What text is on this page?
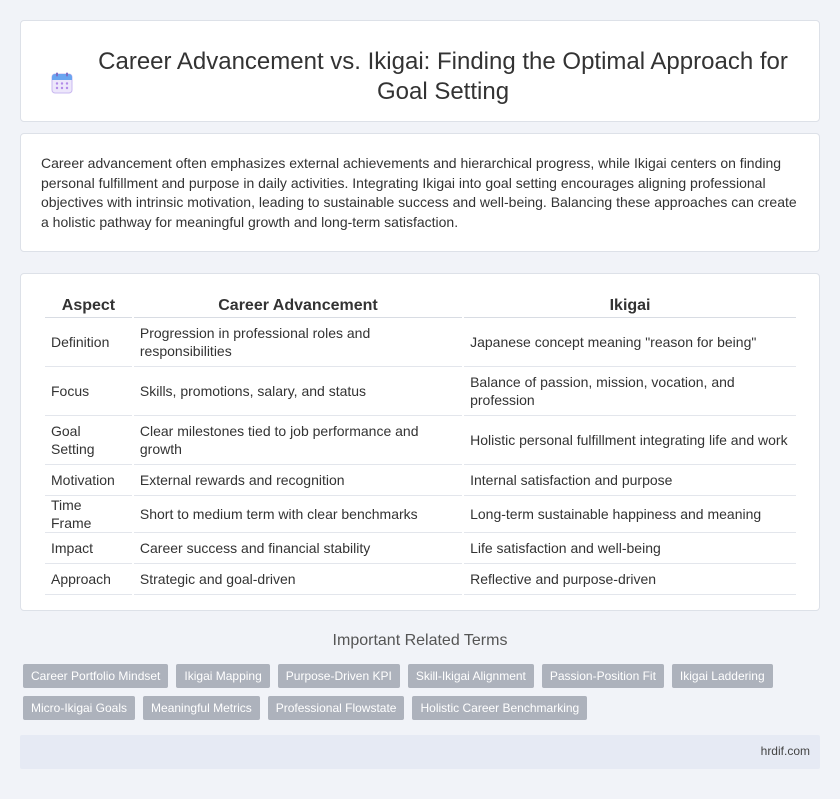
Career Advancement vs. Ikigai: Finding the Optimal Approach for Goal Setting

Career advancement often emphasizes external achievements and hierarchical progress, while Ikigai centers on finding personal fulfillment and purpose in daily activities. Integrating Ikigai into goal setting encourages aligning professional objectives with intrinsic motivation, leading to sustainable success and well-being. Balancing these approaches can create a holistic pathway for meaningful growth and long-term satisfaction.

Aspect	Career Advancement	Ikigai
Definition	Progression in professional roles and responsibilities	Japanese concept meaning "reason for being"
Focus	Skills, promotions, salary, and status	Balance of passion, mission, vocation, and profession
Goal Setting	Clear milestones tied to job performance and growth	Holistic personal fulfillment integrating life and work
Motivation	External rewards and recognition	Internal satisfaction and purpose
Time Frame	Short to medium term with clear benchmarks	Long-term sustainable happiness and meaning
Impact	Career success and financial stability	Life satisfaction and well-being
Approach	Strategic and goal-driven	Reflective and purpose-driven
Important Related Terms
Career Portfolio Mindset	Ikigai Mapping	Purpose-Driven KPI	Skill-Ikigai Alignment	Passion-Position Fit	Ikigai Laddering
Micro-Ikigai Goals	Meaningful Metrics	Professional Flowstate	Holistic Career Benchmarking
hrdif.com
